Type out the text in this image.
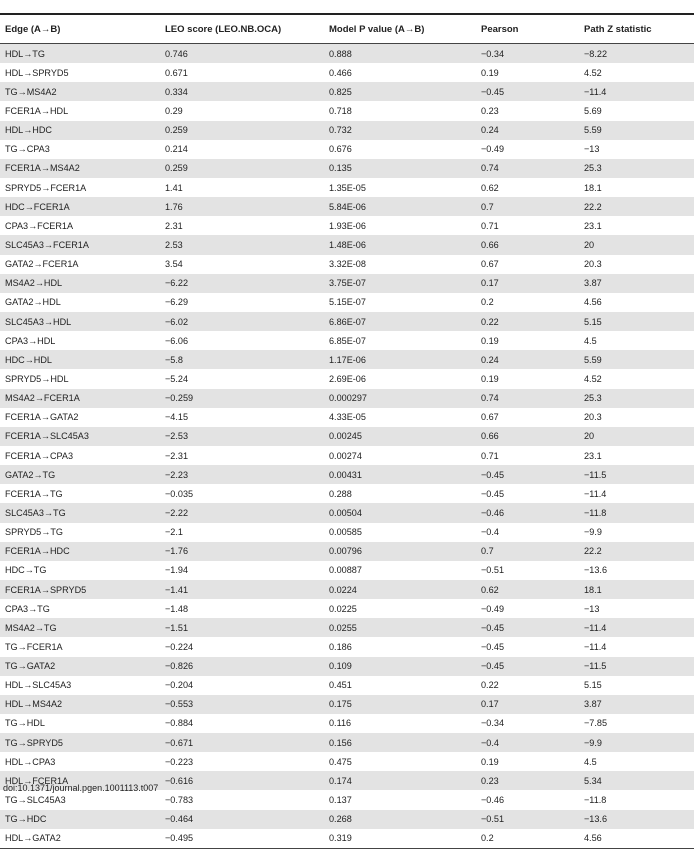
Edge (A→B)	LEO score (LEO.NB.OCA)	Model P value (A→B)	Pearson	Path Z statistic
HDL→TG	0.746	0.888	−0.34	−8.22
HDL→SPRYD5	0.671	0.466	0.19	4.52
TG→MS4A2	0.334	0.825	−0.45	−11.4
FCER1A→HDL	0.29	0.718	0.23	5.69
HDL→HDC	0.259	0.732	0.24	5.59
TG→CPA3	0.214	0.676	−0.49	−13
FCER1A→MS4A2	0.259	0.135	0.74	25.3
SPRYD5→FCER1A	1.41	1.35E-05	0.62	18.1
HDC→FCER1A	1.76	5.84E-06	0.7	22.2
CPA3→FCER1A	2.31	1.93E-06	0.71	23.1
SLC45A3→FCER1A	2.53	1.48E-06	0.66	20
GATA2→FCER1A	3.54	3.32E-08	0.67	20.3
MS4A2→HDL	−6.22	3.75E-07	0.17	3.87
GATA2→HDL	−6.29	5.15E-07	0.2	4.56
SLC45A3→HDL	−6.02	6.86E-07	0.22	5.15
CPA3→HDL	−6.06	6.85E-07	0.19	4.5
HDC→HDL	−5.8	1.17E-06	0.24	5.59
SPRYD5→HDL	−5.24	2.69E-06	0.19	4.52
MS4A2→FCER1A	−0.259	0.000297	0.74	25.3
FCER1A→GATA2	−4.15	4.33E-05	0.67	20.3
FCER1A→SLC45A3	−2.53	0.00245	0.66	20
FCER1A→CPA3	−2.31	0.00274	0.71	23.1
GATA2→TG	−2.23	0.00431	−0.45	−11.5
FCER1A→TG	−0.035	0.288	−0.45	−11.4
SLC45A3→TG	−2.22	0.00504	−0.46	−11.8
SPRYD5→TG	−2.1	0.00585	−0.4	−9.9
FCER1A→HDC	−1.76	0.00796	0.7	22.2
HDC→TG	−1.94	0.00887	−0.51	−13.6
FCER1A→SPRYD5	−1.41	0.0224	0.62	18.1
CPA3→TG	−1.48	0.0225	−0.49	−13
MS4A2→TG	−1.51	0.0255	−0.45	−11.4
TG→FCER1A	−0.224	0.186	−0.45	−11.4
TG→GATA2	−0.826	0.109	−0.45	−11.5
HDL→SLC45A3	−0.204	0.451	0.22	5.15
HDL→MS4A2	−0.553	0.175	0.17	3.87
TG→HDL	−0.884	0.116	−0.34	−7.85
TG→SPRYD5	−0.671	0.156	−0.4	−9.9
HDL→CPA3	−0.223	0.475	0.19	4.5
HDL→FCER1A	−0.616	0.174	0.23	5.34
TG→SLC45A3	−0.783	0.137	−0.46	−11.8
TG→HDC	−0.464	0.268	−0.51	−13.6
HDL→GATA2	−0.495	0.319	0.2	4.56
doi:10.1371/journal.pgen.1001113.t007
